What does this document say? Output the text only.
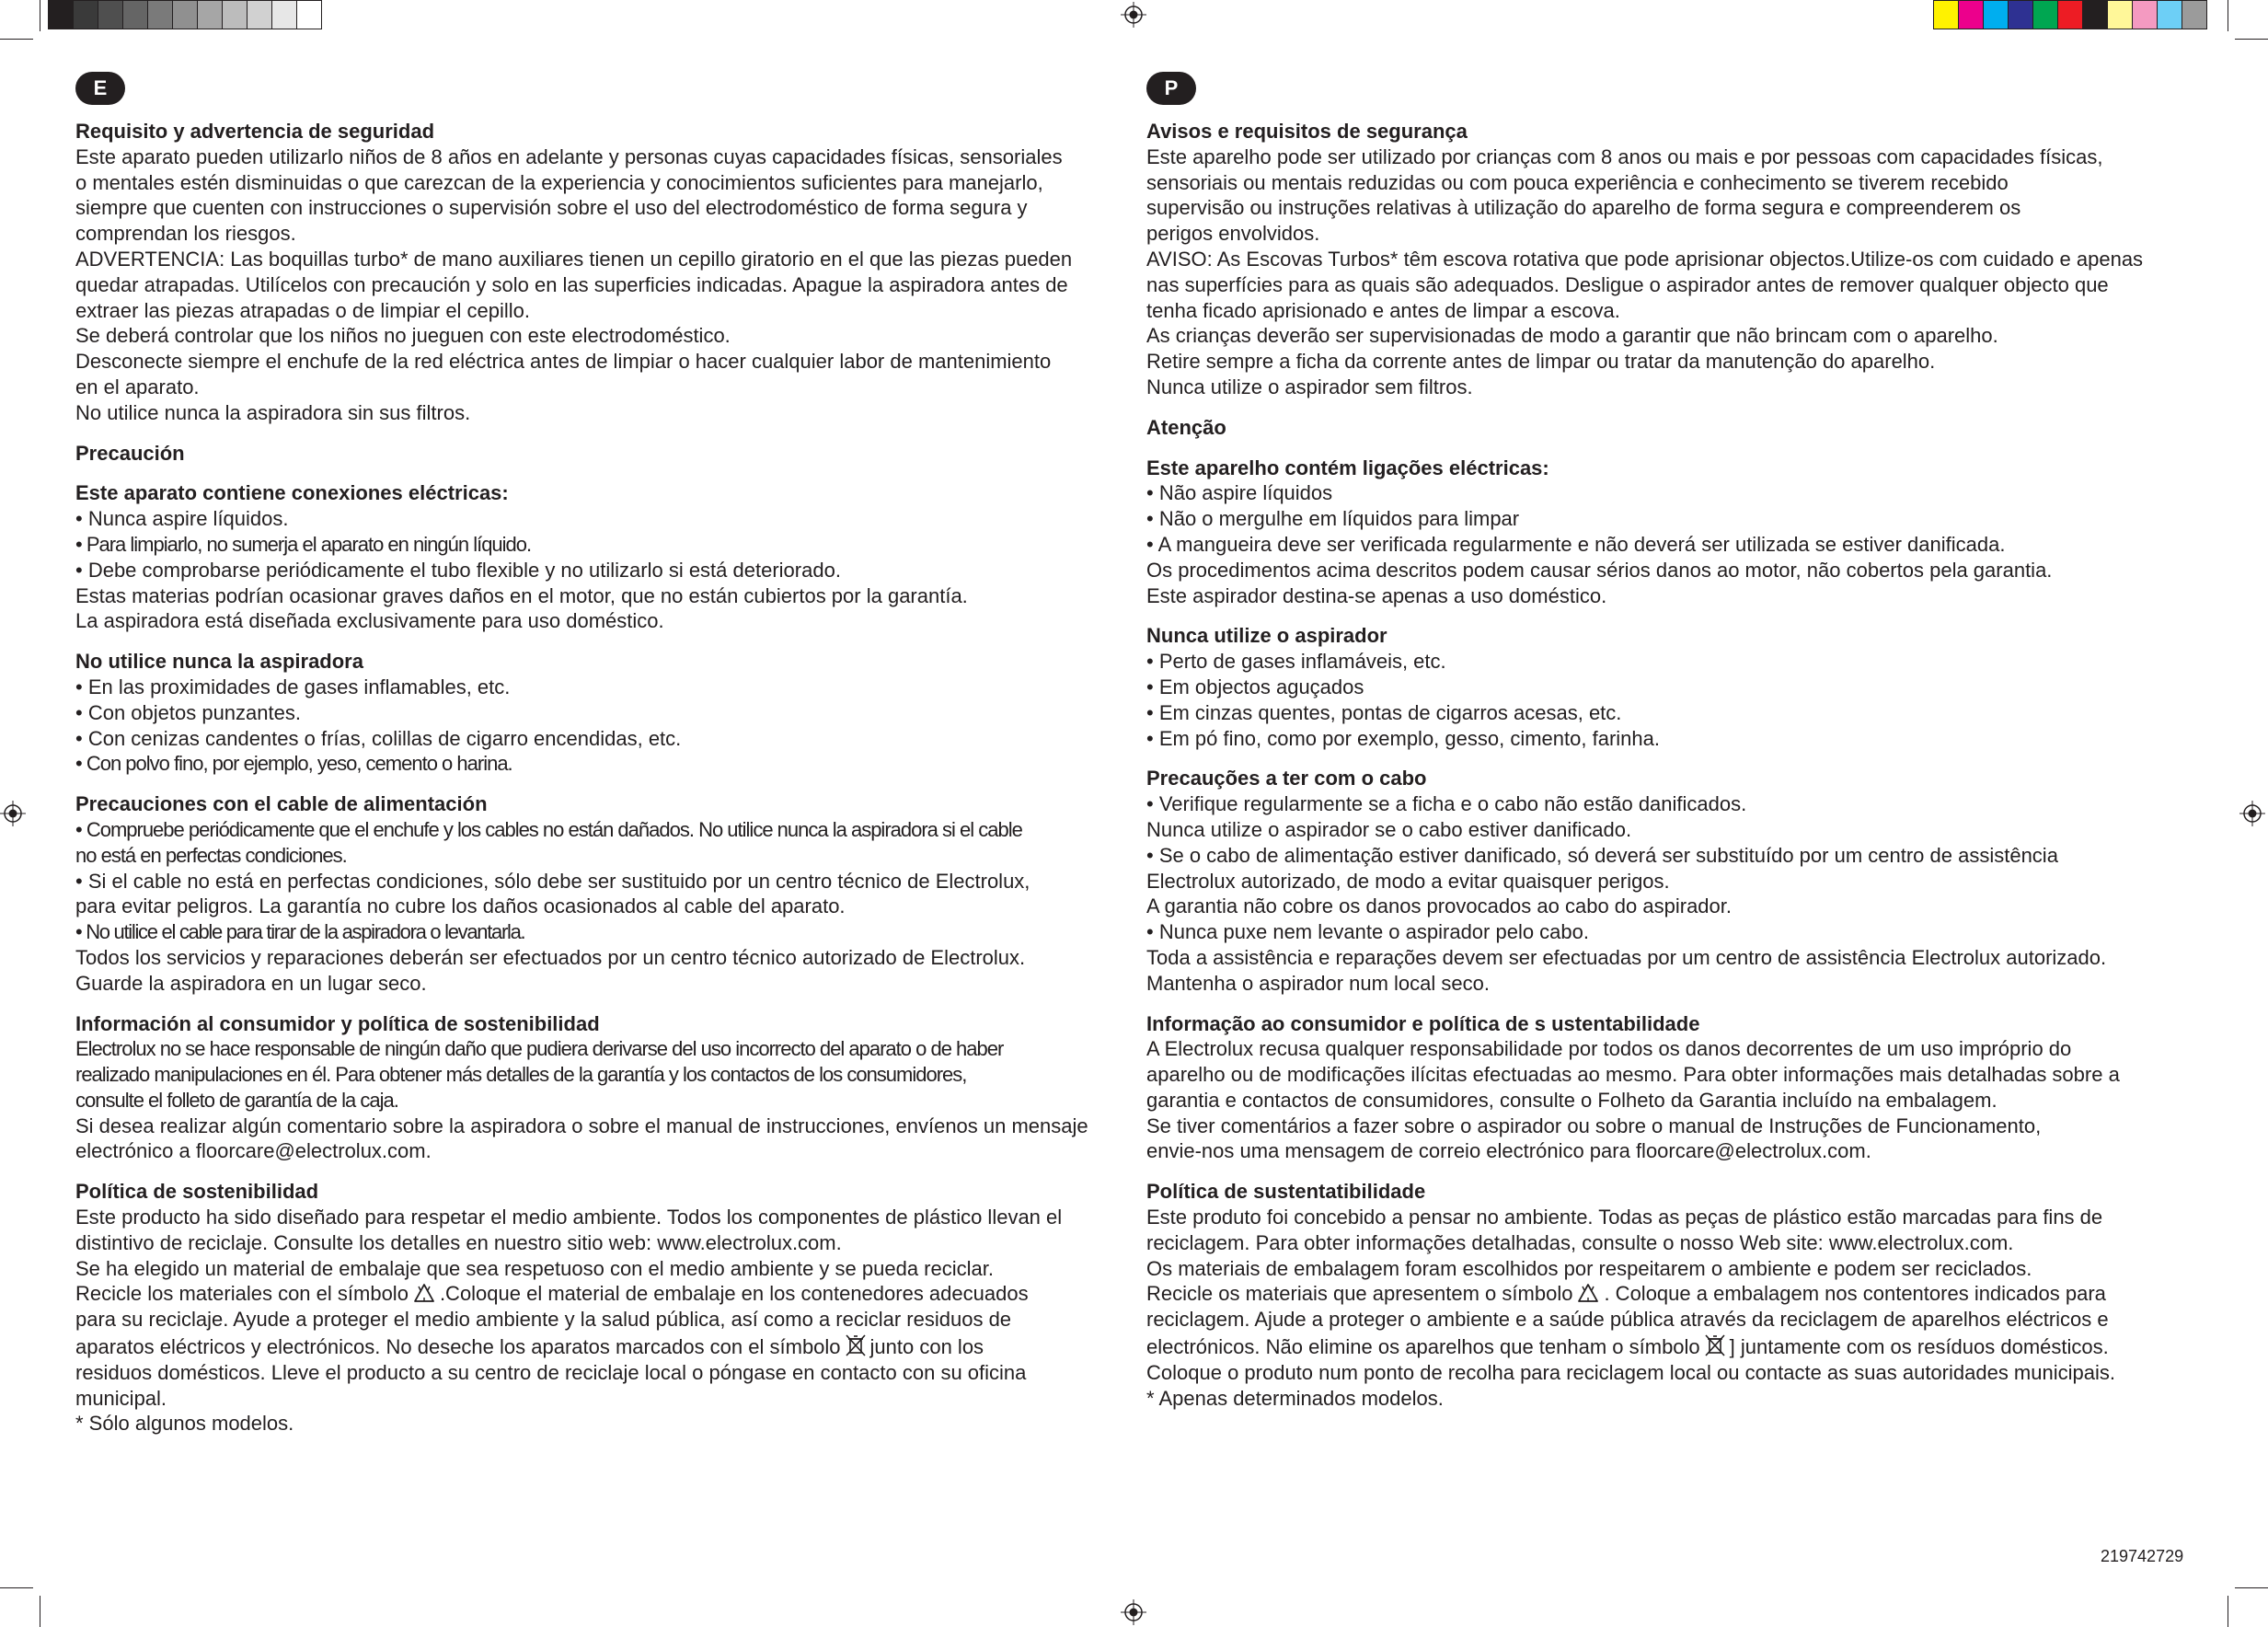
E
Requisito y advertencia de seguridad
Este aparato pueden utilizarlo niños de 8 años en adelante y personas cuyas capacidades físicas, sensoriales
o mentales estén disminuidas o que carezcan de la experiencia y conocimientos suficientes para manejarlo,
siempre que cuenten con instrucciones o supervisión sobre el uso del electrodoméstico de forma segura y
comprendan los riesgos.
ADVERTENCIA: Las boquillas turbo* de mano auxiliares tienen un cepillo giratorio en el que las piezas pueden
quedar atrapadas. Utilícelos con precaución y solo en las superficies indicadas. Apague la aspiradora antes de
extraer las piezas atrapadas o de limpiar el cepillo.
Se deberá controlar que los niños no jueguen con este electrodoméstico.
Desconecte siempre el enchufe de la red eléctrica antes de limpiar o hacer cualquier labor de mantenimiento
en el aparato.
No utilice nunca la aspiradora sin sus filtros.
Precaución
Este aparato contiene conexiones eléctricas:
• Nunca aspire líquidos.
• Para limpiarlo, no sumerja el aparato en ningún líquido.
• Debe comprobarse periódicamente el tubo flexible y no utilizarlo si está deteriorado.
Estas materias podrían ocasionar graves daños en el motor, que no están cubiertos por la garantía.
La aspiradora está diseñada exclusivamente para uso doméstico.
No utilice nunca la aspiradora
• En las proximidades de gases inflamables, etc.
• Con objetos punzantes.
• Con cenizas candentes o frías, colillas de cigarro encendidas, etc.
• Con polvo fino, por ejemplo, yeso, cemento o harina.
Precauciones con el cable de alimentación
• Compruebe periódicamente que el enchufe y los cables no están dañados. No utilice nunca la aspiradora si el cable
no está en perfectas condiciones.
• Si el cable no está en perfectas condiciones, sólo debe ser sustituido por un centro técnico de Electrolux,
para evitar peligros. La garantía no cubre los daños ocasionados al cable del aparato.
• No utilice el cable para tirar de la aspiradora o levantarla.
Todos los servicios y reparaciones deberán ser efectuados por un centro técnico autorizado de Electrolux.
Guarde la aspiradora en un lugar seco.
Información al consumidor y política de sostenibilidad
Electrolux no se hace responsable de ningún daño que pudiera derivarse del uso incorrecto del aparato o de haber
realizado manipulaciones en él. Para obtener más detalles de la garantía y los contactos de los consumidores,
consulte el folleto de garantía de la caja.
Si desea realizar algún comentario sobre la aspiradora o sobre el manual de instrucciones, envíenos un mensaje
electrónico a floorcare@electrolux.com.
Política de sostenibilidad
Este producto ha sido diseñado para respetar el medio ambiente. Todos los componentes de plástico llevan el
distintivo de reciclaje. Consulte los detalles en nuestro sitio web: www.electrolux.com.
Se ha elegido un material de embalaje que sea respetuoso con el medio ambiente y se pueda reciclar.
Recicle los materiales con el símbolo .Coloque el material de embalaje en los contenedores adecuados
para su reciclaje. Ayude a proteger el medio ambiente y la salud pública, así como a reciclar residuos de
aparatos eléctricos y electrónicos. No deseche los aparatos marcados con el símbolo junto con los
residuos domésticos. Lleve el producto a su centro de reciclaje local o póngase en contacto con su oficina
municipal.
* Sólo algunos modelos.
P
Avisos e requisitos de segurança
Este aparelho pode ser utilizado por crianças com 8 anos ou mais e por pessoas com capacidades físicas,
sensoriais ou mentais reduzidas ou com pouca experiência e conhecimento se tiverem recebido
supervisão ou instruções relativas à utilização do aparelho de forma segura e compreenderem os
perigos envolvidos.
AVISO: As Escovas Turbos* têm escova rotativa que pode aprisionar objectos.Utilize-os com cuidado e apenas
nas superfícies para as quais são adequados. Desligue o aspirador antes de remover qualquer objecto que
tenha ficado aprisionado e antes de limpar a escova.
As crianças deverão ser supervisionadas de modo a garantir que não brincam com o aparelho.
Retire sempre a ficha da corrente antes de limpar ou tratar da manutenção do aparelho.
Nunca utilize o aspirador sem filtros.
Atenção
Este aparelho contém ligações eléctricas:
• Não aspire líquidos
• Não o mergulhe em líquidos para limpar
• A mangueira deve ser verificada regularmente e não deverá ser utilizada se estiver danificada.
Os procedimentos acima descritos podem causar sérios danos ao motor, não cobertos pela garantia.
Este aspirador destina-se apenas a uso doméstico.
Nunca utilize o aspirador
• Perto de gases inflamáveis, etc.
• Em objectos aguçados
• Em cinzas quentes, pontas de cigarros acesas, etc.
• Em pó fino, como por exemplo, gesso, cimento, farinha.
Precauções a ter com o cabo
• Verifique regularmente se a ficha e o cabo não estão danificados.
Nunca utilize o aspirador se o cabo estiver danificado.
• Se o cabo de alimentação estiver danificado, só deverá ser substituído por um centro de assistência
Electrolux autorizado, de modo a evitar quaisquer perigos.
A garantia não cobre os danos provocados ao cabo do aspirador.
• Nunca puxe nem levante o aspirador pelo cabo.
Toda a assistência e reparações devem ser efectuadas por um centro de assistência Electrolux autorizado.
Mantenha o aspirador num local seco.
Informação ao consumidor e política de s ustentabilidade
A Electrolux recusa qualquer responsabilidade por todos os danos decorrentes de um uso impróprio do
aparelho ou de modificações ilícitas efectuadas ao mesmo. Para obter informações mais detalhadas sobre a
garantia e contactos de consumidores, consulte o Folheto da Garantia incluído na embalagem.
Se tiver comentários a fazer sobre o aspirador ou sobre o manual de Instruções de Funcionamento,
envie-nos uma mensagem de correio electrónico para floorcare@electrolux.com.
Política de sustentatibilidade
Este produto foi concebido a pensar no ambiente. Todas as peças de plástico estão marcadas para fins de
reciclagem. Para obter informações detalhadas, consulte o nosso Web site: www.electrolux.com.
Os materiais de embalagem foram escolhidos por respeitarem o ambiente e podem ser reciclados.
Recicle os materiais que apresentem o símbolo . Coloque a embalagem nos contentores indicados para
reciclagem. Ajude a proteger o ambiente e a saúde pública através da reciclagem de aparelhos eléctricos e
electrónicos. Não elimine os aparelhos que tenham o símbolo ] juntamente com os resíduos domésticos.
Coloque o produto num ponto de recolha para reciclagem local ou contacte as suas autoridades municipais.
* Apenas determinados modelos.
219742729
